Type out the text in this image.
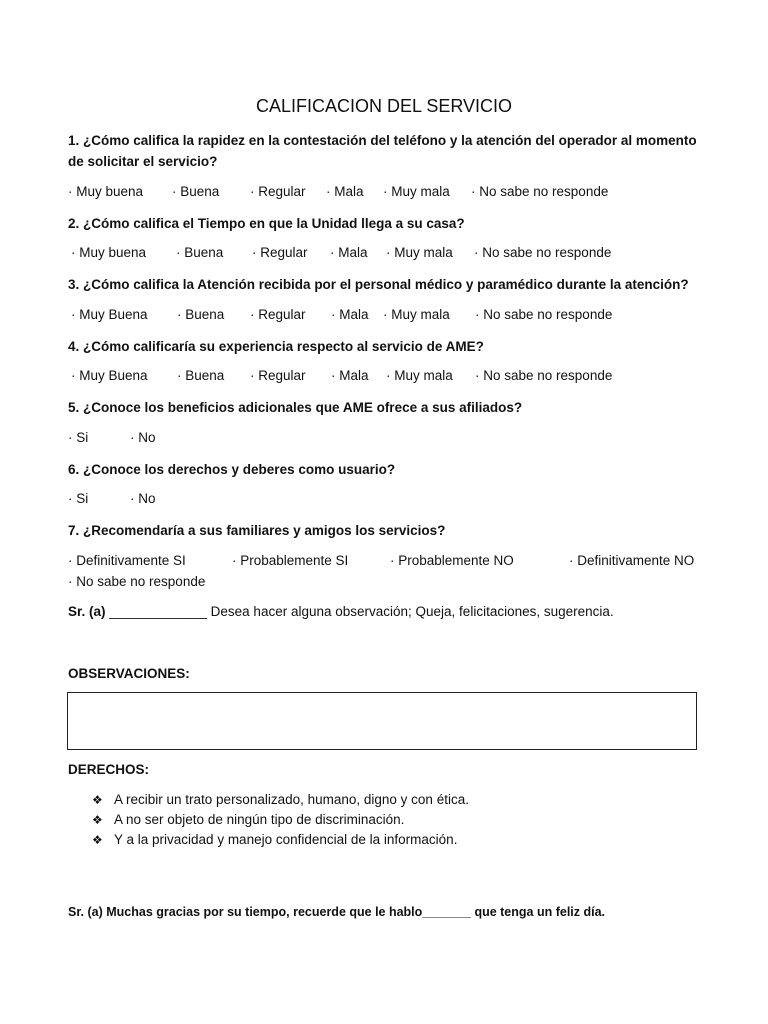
CALIFICACION DEL SERVICIO

1. ¿Cómo califica la rapidez en la contestación del teléfono y la atención del operador al momento de solicitar el servicio?

· Muy buena · Buena · Regular · Mala · Muy mala · No sabe no responde

2. ¿Cómo califica el Tiempo en que la Unidad llega a su casa?

· Muy buena · Buena · Regular · Mala · Muy mala · No sabe no responde

3. ¿Cómo califica la Atención recibida por el personal médico y paramédico durante la atención?

· Muy Buena · Buena · Regular · Mala · Muy mala · No sabe no responde

4. ¿Cómo calificaría su experiencia respecto al servicio de AME?

· Muy Buena · Buena · Regular · Mala · Muy mala · No sabe no responde

5. ¿Conoce los beneficios adicionales que AME ofrece a sus afiliados?

· Si	· No

6. ¿Conoce los derechos y deberes como usuario?

· Si	· No

7. ¿Recomendaría a sus familiares y amigos los servicios?

· Definitivamente SI	· Probablemente SI	· Probablemente NO	· Definitivamente NO
· No sabe no responde
Sr. (a) _____________ Desea hacer alguna observación; Queja, felicitaciones, sugerencia.
OBSERVACIONES:
DERECHOS:
❖ A recibir un trato personalizado, humano, digno y con ética.
❖ A no ser objeto de ningún tipo de discriminación.
❖ Y a la privacidad y manejo confidencial de la información.
Sr. (a) Muchas gracias por su tiempo, recuerde que le hablo_______ que tenga un feliz día.
